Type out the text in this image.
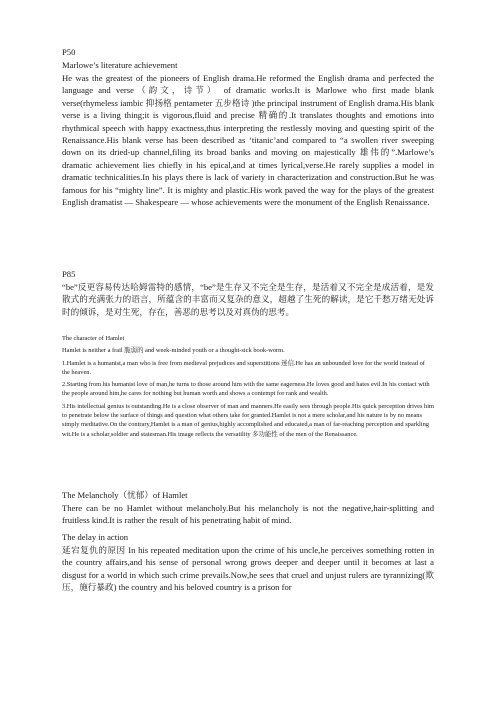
P50

Marlowe’s literature achievement

He was the greatest of the pioneers of English drama.He reformed the English drama and perfected the language and verse（韵文，诗节） of dramatic works.It is Marlowe who first made blank verse(rhymeless iambic 抑扬格 pentameter 五步格诗 )the principal instrument of English drama.His blank verse is a living thing;it is vigorous,fluid and precise 精确的.It translates thoughts and emotions into rhythmical speech with happy exactness,thus interpreting the restlessly moving and questing spirit of the Renaissance.His blank verse has been described as ‘titanic’and compared to “a swollen river sweeping down on its dried-up channel,filing its broad banks and moving on majestically 雄伟的”.Marlowe’s dramatic achievement lies chiefly in his epical,and at times lyrical,verse.He rarely supplies a model in dramatic technicalities.In his plays there is lack of variety in characterization and construction.But he was famous for his “mighty line”. It is mighty and plastic.His work paved the way for the plays of the greatest English dramatist — Shakespeare — whose achievements were the monument of the English Renaissance.

P85

“be”反更容易传达哈姆雷特的感情，“be”是生存又不完全是生存，是活着又不完全是成活着，是发散式的充满张力的语言，所蕴含的丰富而又复杂的意义，超越了生死的解读，是它千愁万绪无处诉时的倾诉，是对生死，存在，善恶的思考以及对真伪的思考。

The character of Hamlet

Hamlet is neither a frail 脆弱的 and week-minded youth or a thought-sick book-worm.

1.Hamlet is a humanist,a man who is free from medieval prejudices and superstitions 迷信.He has an unbounded love for the world instead of the heaven.

2.Starting from his humanist love of man,he turns to those around him with the same eagerness.He loves good and hates evil.In his contact with the people around him,he cares for nothing but human worth and shows a contempt for rank and wealth.

3.His intellectual genius is outstanding.He is a close observer of man and manners.He easily sees through people.His quick perception drives him to penetrate below the surface of things and question what others take for granted.Hamlet is not a mere scholar,and his nature is by no means simply meditative.On the contrary,Hamlet is a man of genius,highly accomplished and educated,a man of far-reaching perception and sparkling wit.He is a scholar,soldier and statesman.His image reflects the versatility 多功能性 of the men of the Renaissance.

The Melancholy（忧郁）of Hamlet

There can be no Hamlet without melancholy.But his melancholy is not the negative,hair-splitting and fruitless kind.It is rather the result of his penetrating habit of mind.

The delay in action

延宕复仇的原因 In his repeated meditation upon the crime of his uncle,he perceives something rotten in the country affairs,and his sense of personal wrong grows deeper and deeper until it becomes at last a disgust for a world in which such crime prevails.Now,he sees that cruel and unjust rulers are tyrannizing(欺压，施行暴政) the country and his beloved country is a prison for
